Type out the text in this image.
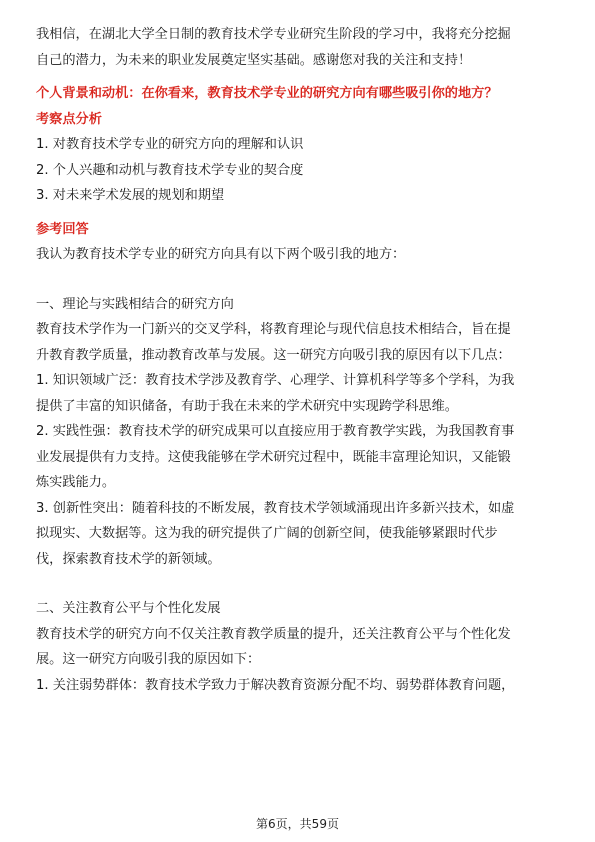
我相信，在湖北大学全日制的教育技术学专业研究生阶段的学习中，我将充分挖掘

自己的潜力，为未来的职业发展奠定坚实基础。感谢您对我的关注和支持！

个人背景和动机：在你看来，教育技术学专业的研究方向有哪些吸引你的地方？

考察点分析

1. 对教育技术学专业的研究方向的理解和认识

2. 个人兴趣和动机与教育技术学专业的契合度

3. 对未来学术发展的规划和期望

参考回答

我认为教育技术学专业的研究方向具有以下两个吸引我的地方：

一、理论与实践相结合的研究方向

教育技术学作为一门新兴的交叉学科，将教育理论与现代信息技术相结合，旨在提

升教育教学质量，推动教育改革与发展。这一研究方向吸引我的原因有以下几点：

1. 知识领域广泛：教育技术学涉及教育学、心理学、计算机科学等多个学科，为我

提供了丰富的知识储备，有助于我在未来的学术研究中实现跨学科思维。

2. 实践性强：教育技术学的研究成果可以直接应用于教育教学实践，为我国教育事

业发展提供有力支持。这使我能够在学术研究过程中，既能丰富理论知识，又能锻

炼实践能力。

3. 创新性突出：随着科技的不断发展，教育技术学领域涌现出许多新兴技术，如虚

拟现实、大数据等。这为我的研究提供了广阔的创新空间，使我能够紧跟时代步

伐，探索教育技术学的新领域。

二、关注教育公平与个性化发展

教育技术学的研究方向不仅关注教育教学质量的提升，还关注教育公平与个性化发

展。这一研究方向吸引我的原因如下：

1. 关注弱势群体：教育技术学致力于解决教育资源分配不均、弱势群体教育问题，

第6页，共59页
